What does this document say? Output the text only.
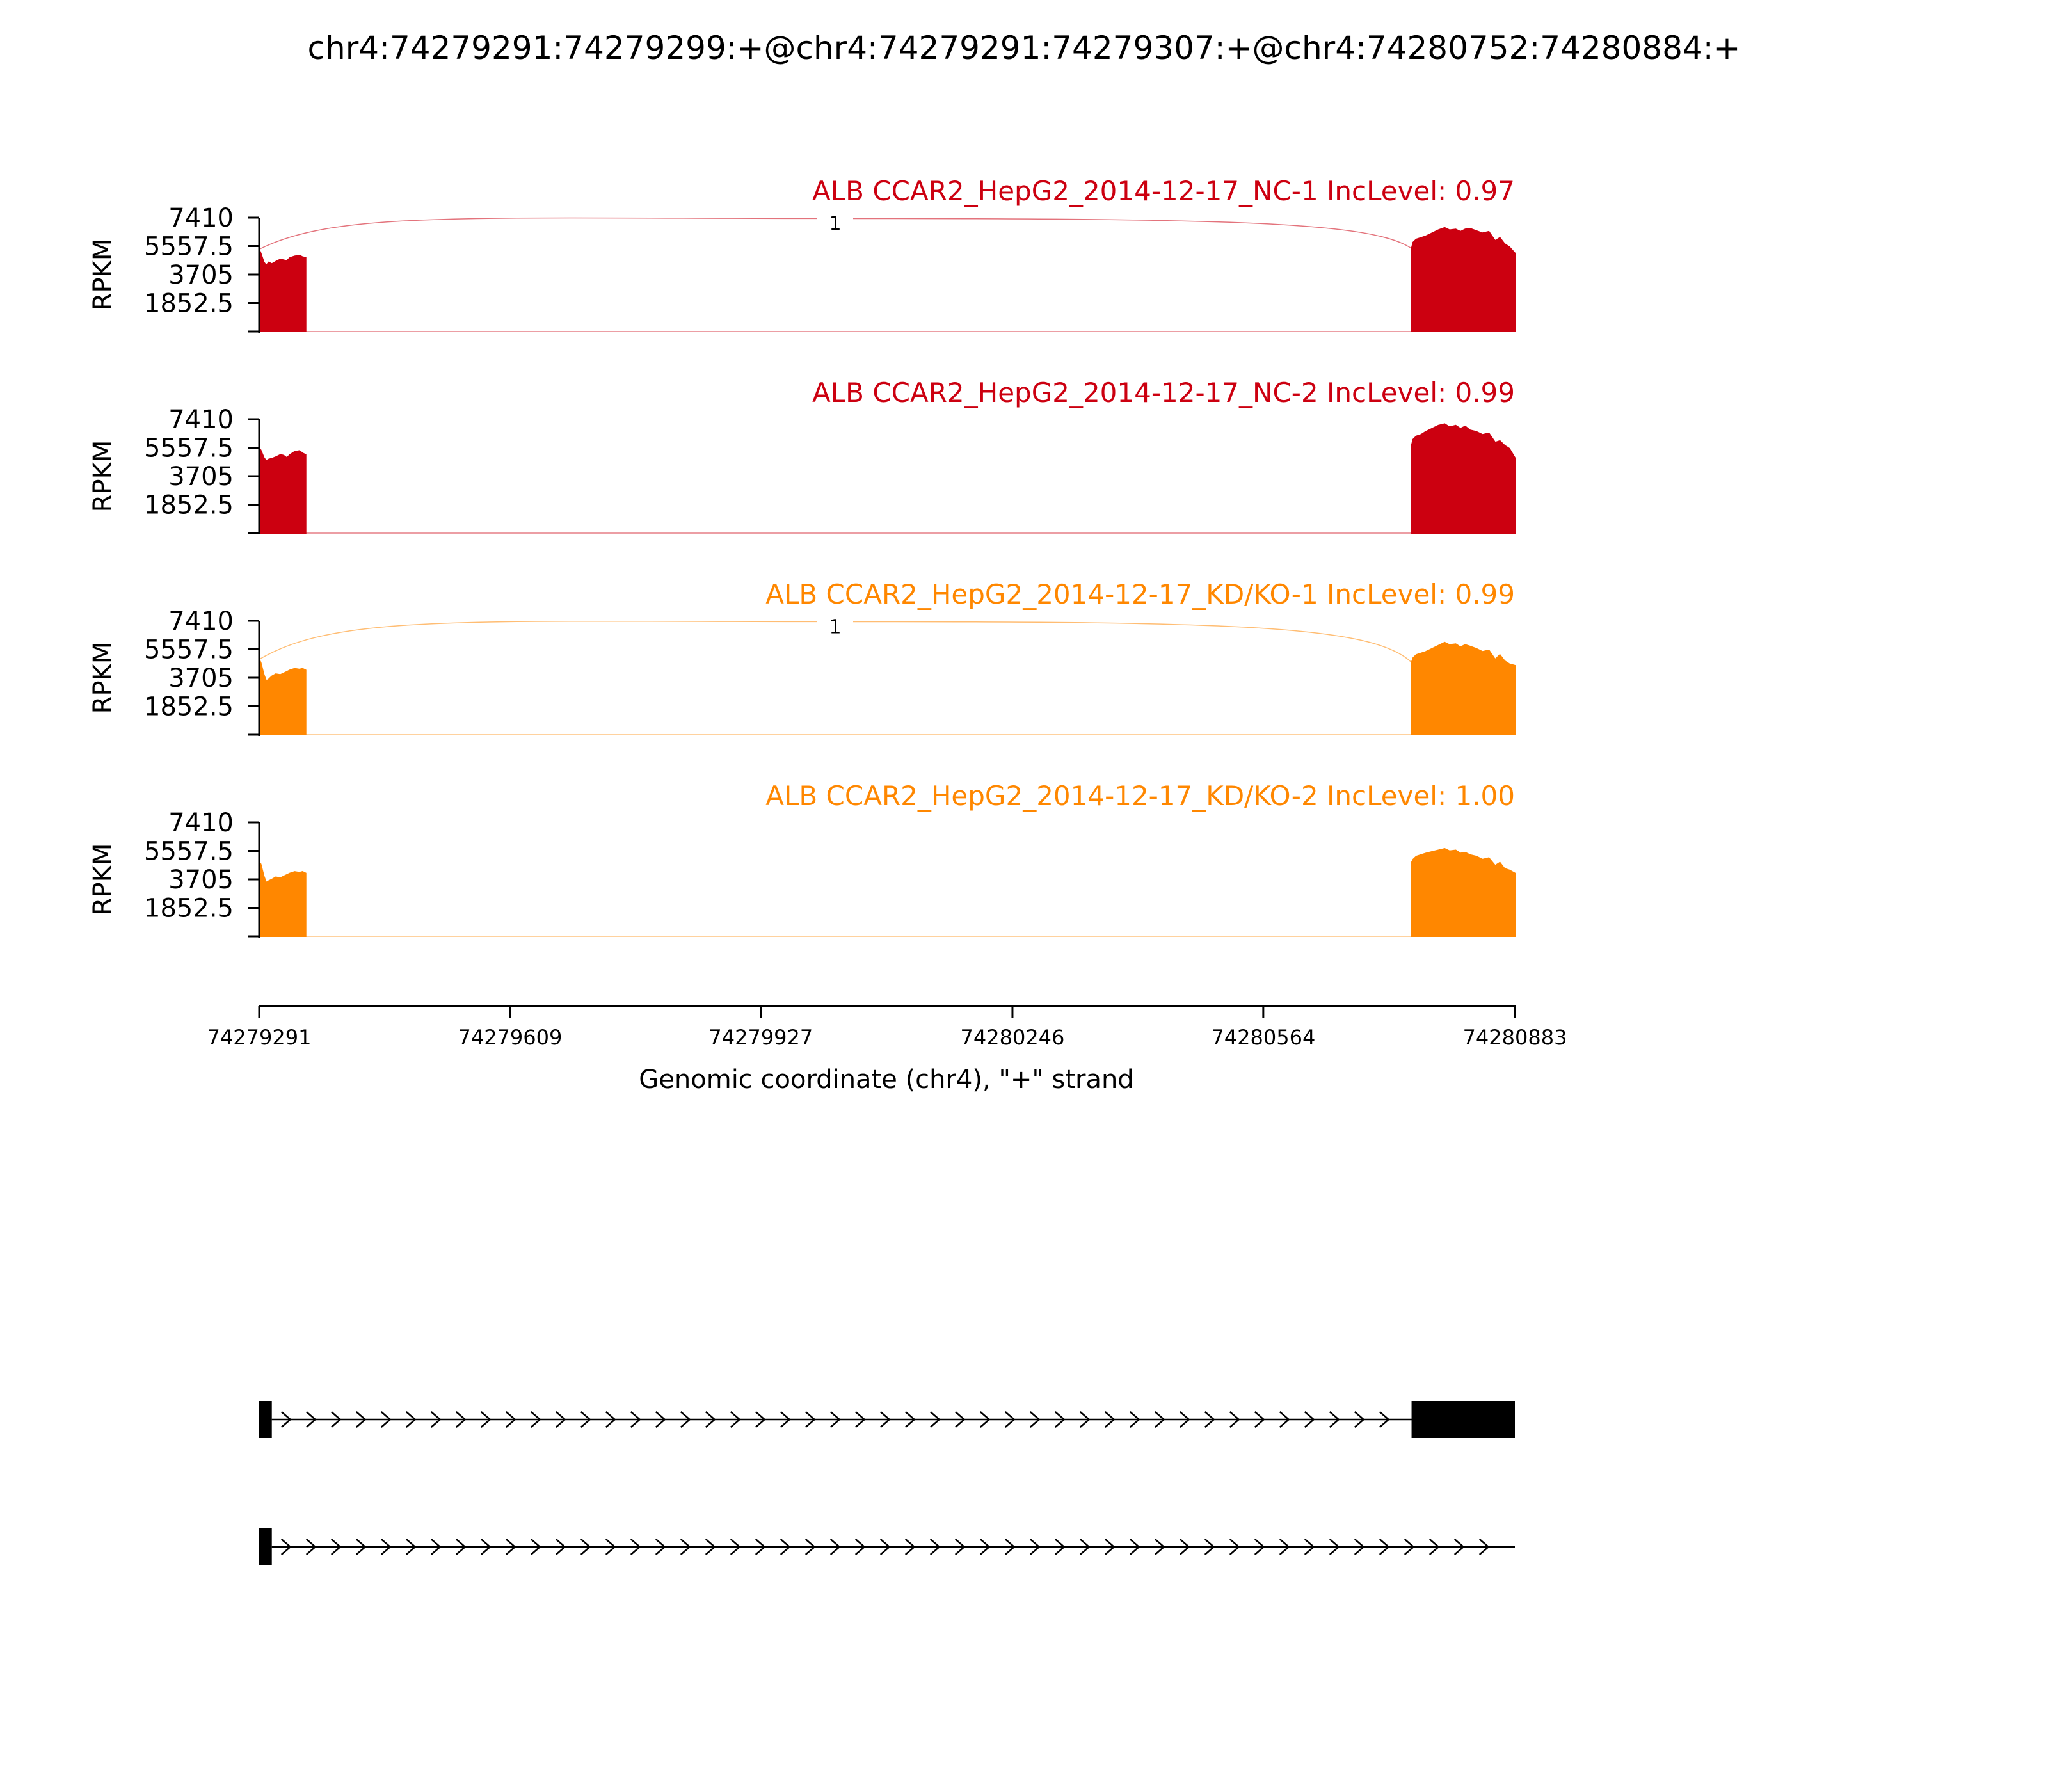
chr4:74279291:74279299:+@chr4:74279291:74279307:+@chr4:74280752:74280884:+
1
ALB CCAR2_HepG2_2014-12-17_NC-1 IncLevel: 0.97
7410
5557.5
3705
1852.5
RPKM
ALB CCAR2_HepG2_2014-12-17_NC-2 IncLevel: 0.99
7410
5557.5
3705
1852.5
RPKM
1
ALB CCAR2_HepG2_2014-12-17_KD/KO-1 IncLevel: 0.99
7410
5557.5
3705
1852.5
RPKM
ALB CCAR2_HepG2_2014-12-17_KD/KO-2 IncLevel: 1.00
7410
5557.5
3705
1852.5
RPKM
74279291	74279609	74279927	74280246	74280564	74280883
Genomic coordinate (chr4), "+" strand
